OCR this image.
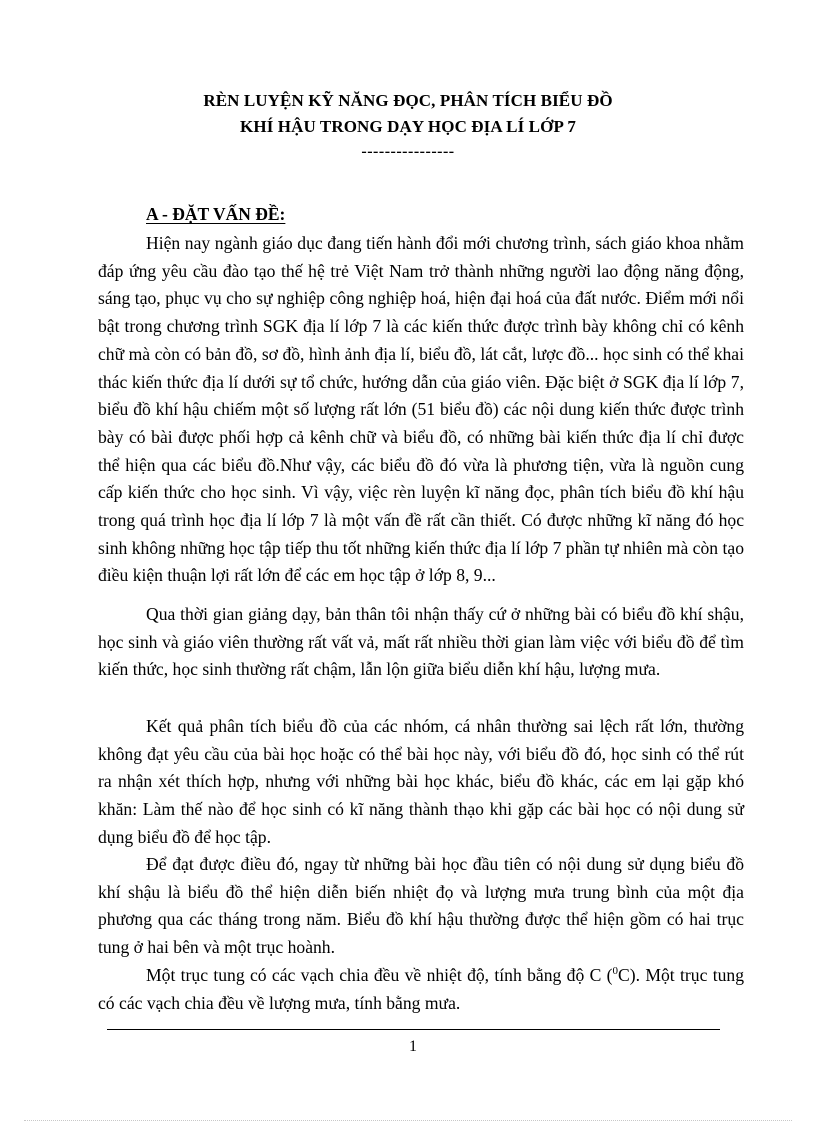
RÈN LUYỆN KỸ NĂNG ĐỌC, PHÂN TÍCH BIỂU ĐỒ
KHÍ HẬU TRONG DẠY HỌC ĐỊA LÍ LỚP 7
----------------
A - ĐẶT VẤN ĐỀ:

Hiện nay ngành giáo dục đang tiến hành đổi mới chương trình, sách giáo khoa nhằm đáp ứng yêu cầu đào tạo thế hệ trẻ Việt Nam trở thành những người lao động năng động, sáng tạo, phục vụ cho sự nghiệp công nghiệp hoá, hiện đại hoá của đất nước. Điểm mới nổi bật trong chương trình SGK địa lí lớp 7 là các kiến thức được trình bày không chỉ có kênh chữ mà còn có bản đồ, sơ đồ, hình ảnh địa lí, biểu đồ, lát cắt, lược đồ... học sinh có thể khai thác kiến thức địa lí dưới sự tổ chức, hướng dẫn của giáo viên. Đặc biệt ở SGK địa lí lớp 7, biểu đồ khí hậu chiếm một số lượng rất lớn (51 biểu đồ) các nội dung kiến thức được trình bày có bài được phối hợp cả kênh chữ và biểu đồ, có những bài kiến thức địa lí chỉ được thể hiện qua các biểu đồ.Như vậy, các biểu đồ đó vừa là phương tiện, vừa là nguồn cung cấp kiến thức cho học sinh. Vì vậy, việc rèn luyện kĩ năng đọc, phân tích biểu đồ khí hậu trong quá trình học địa lí lớp 7 là một vấn đề rất cần thiết. Có được những kĩ năng đó học sinh không những học tập tiếp thu tốt những kiến thức địa lí lớp 7 phần tự nhiên mà còn tạo điều kiện thuận lợi rất lớn để các em học tập ở lớp 8, 9...

Qua thời gian giảng dạy, bản thân tôi nhận thấy cứ ở những bài có biểu đồ khí shậu, học sinh và giáo viên thường rất vất vả, mất rất nhiều thời gian làm việc với biểu đồ để tìm kiến thức, học sinh thường rất chậm, lẫn lộn giữa biểu diễn khí hậu, lượng mưa.

Kết quả phân tích biểu đồ của các nhóm, cá nhân thường sai lệch rất lớn, thường không đạt yêu cầu của bài học hoặc có thể bài học này, với biểu đồ đó, học sinh có thể rút ra nhận xét thích hợp, nhưng với những bài học khác, biểu đồ khác, các em lại gặp khó khăn: Làm thế nào để học sinh có kĩ năng thành thạo khi gặp các bài học có nội dung sử dụng biểu đồ để học tập.

Để đạt được điều đó, ngay từ những bài học đầu tiên có nội dung sử dụng biểu đồ khí shậu là biểu đồ thể hiện diễn biến nhiệt đọ và lượng mưa trung bình của một địa phương qua các tháng trong năm. Biểu đồ khí hậu thường được thể hiện gồm có hai trục tung ở hai bên và một trục hoành.

Một trục tung có các vạch chia đều về nhiệt độ, tính bằng độ C ($^0$C). Một trục tung có các vạch chia đều về lượng mưa, tính bằng mưa.

1
